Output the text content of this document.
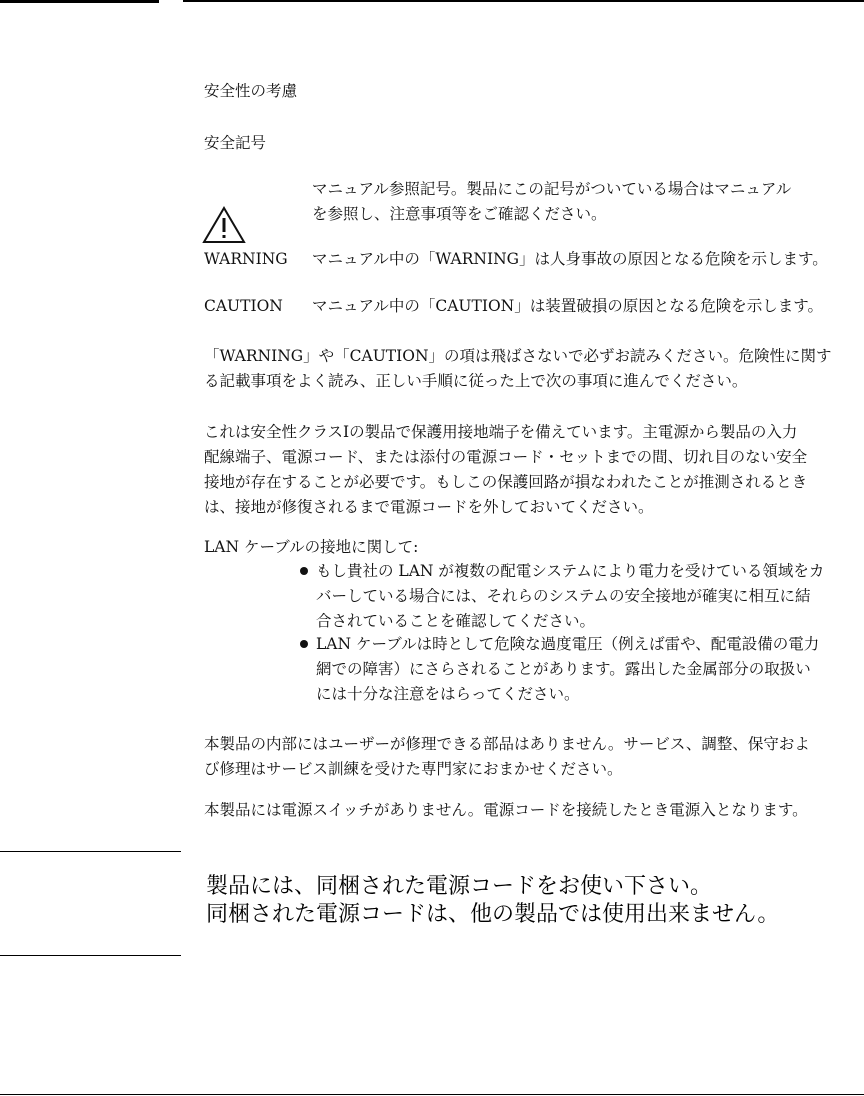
安全性の考慮

安全記号

マニュアル参照記号。製品にこの記号がついている場合はマニュアル

を参照し、注意事項等をご確認ください。

WARNING マニュアル中の「WARNING」は人身事故の原因となる危険を示します。

CAUTION マニュアル中の「CAUTION」は装置破損の原因となる危険を示します。

「WARNING」や「CAUTION」の項は飛ばさないで必ずお読みください。危険性に関す

る記載事項をよく読み、正しい手順に従った上で次の事項に進んでください。

これは安全性クラスⅠの製品で保護用接地端子を備えています。主電源から製品の入力

配線端子、電源コード、または添付の電源コード・セットまでの間、切れ目のない安全

接地が存在することが必要です。もしこの保護回路が損なわれたことが推測されるとき

は、接地が修復されるまで電源コードを外しておいてください。

LAN ケーブルの接地に関して:

もし貴社の LAN が複数の配電システムにより電力を受けている領域をカ

バーしている場合には、それらのシステムの安全接地が確実に相互に結

合されていることを確認してください。

LAN ケーブルは時として危険な過度電圧（例えば雷や、配電設備の電力

網での障害）にさらされることがあります。露出した金属部分の取扱い

には十分な注意をはらってください。

本製品の内部にはユーザーが修理できる部品はありません。サービス、調整、保守およ

び修理はサービス訓練を受けた専門家におまかせください。

本製品には電源スイッチがありません。電源コードを接続したとき電源入となります。

製品には、同梱された電源コードをお使い下さい。

同梱された電源コードは、他の製品では使用出来ません。
